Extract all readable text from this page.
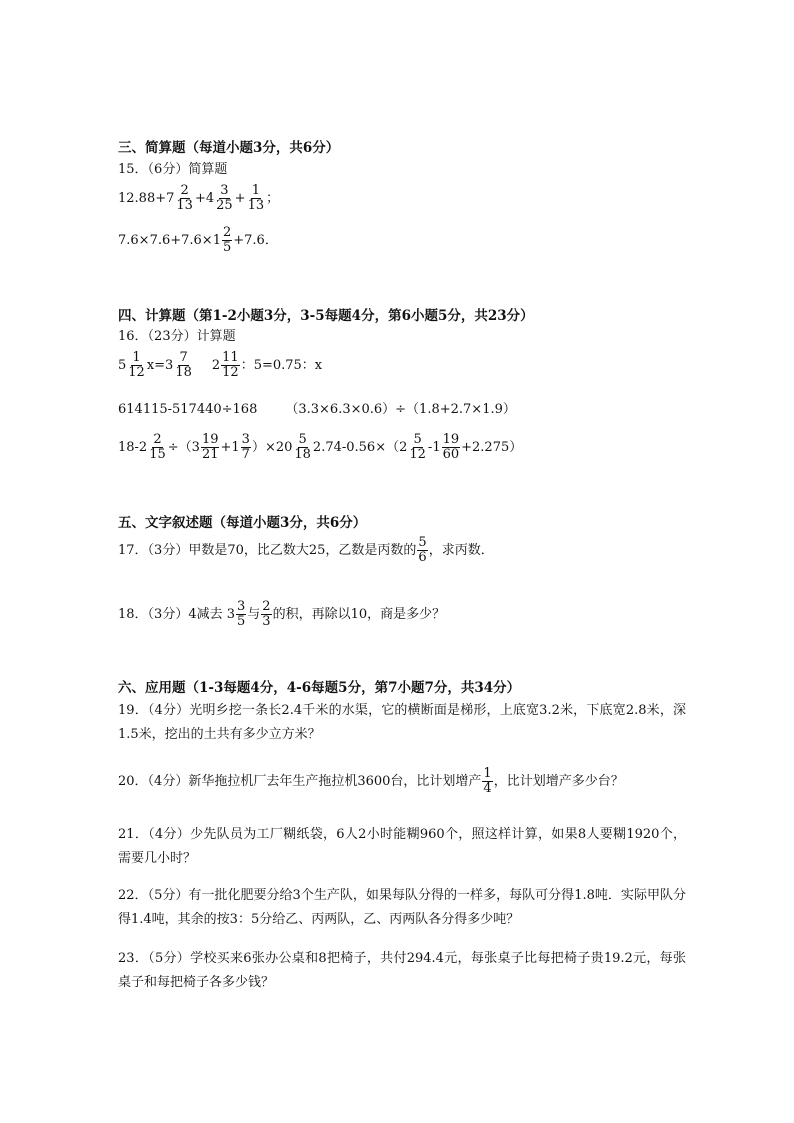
三、简算题（每道小题3分，共6分）
15．（6分）简算题
$12.88+7 \frac{2}{13} +4 \frac{3}{25} + \frac{1}{13}$ ；
$7.6\times 7.6+7.6\times 1 \frac{2}{5} +7.6$．
四、计算题（第1-2小题3分，3-5每题4分，第6小题5分，共23分）
16．（23分）计算题
$5 \frac{1}{12} x=3 \frac{7}{18} 2 \frac{11}{12}$ ：5=0.75：x
614115-517440÷168 （3.3×6.3×0.6）÷（1.8+2.7×1.9）
$18-2 \frac{2}{15} \div(3 \frac{19}{21} +1 \frac{3}{7} )\times 20 \frac{5}{18} 2.74-0.56\times(2 \frac{5}{12} -1 \frac{19}{60} +2.275)$
五、文字叙述题（每道小题3分，共6分）
17．（3分）甲数是70，比乙数大25，乙数是丙数的 $\frac{5}{6}$ ，求丙数．
18．（3分）4减去 $3 \frac{3}{5}$ 与 $\frac{2}{3}$ 的积，再除以10，商是多少？
六、应用题（1-3每题4分，4-6每题5分，第7小题7分，共34分）
19．（4分）光明乡挖一条长2.4千米的水渠，它的横断面是梯形，上底宽3.2米，下底宽2.8米，深1.5米，挖出的土共有多少立方米？
20．（4分）新华拖拉机厂去年生产拖拉机3600台，比计划增产 $\frac{1}{4}$ ，比计划增产多少台？
21．（4分）少先队员为工厂糊纸袋，6人2小时能糊960个，照这样计算，如果8人要糊1920个，需要几小时？
22．（5分）有一批化肥要分给3个生产队，如果每队分得的一样多，每队可分得1.8吨．实际甲队分得1.4吨，其余的按3：5分给乙、丙两队，乙、丙两队各分得多少吨？
23．（5分）学校买来6张办公桌和8把椅子，共付294.4元，每张桌子比每把椅子贵19.2元，每张桌子和每把椅子各多少钱？
